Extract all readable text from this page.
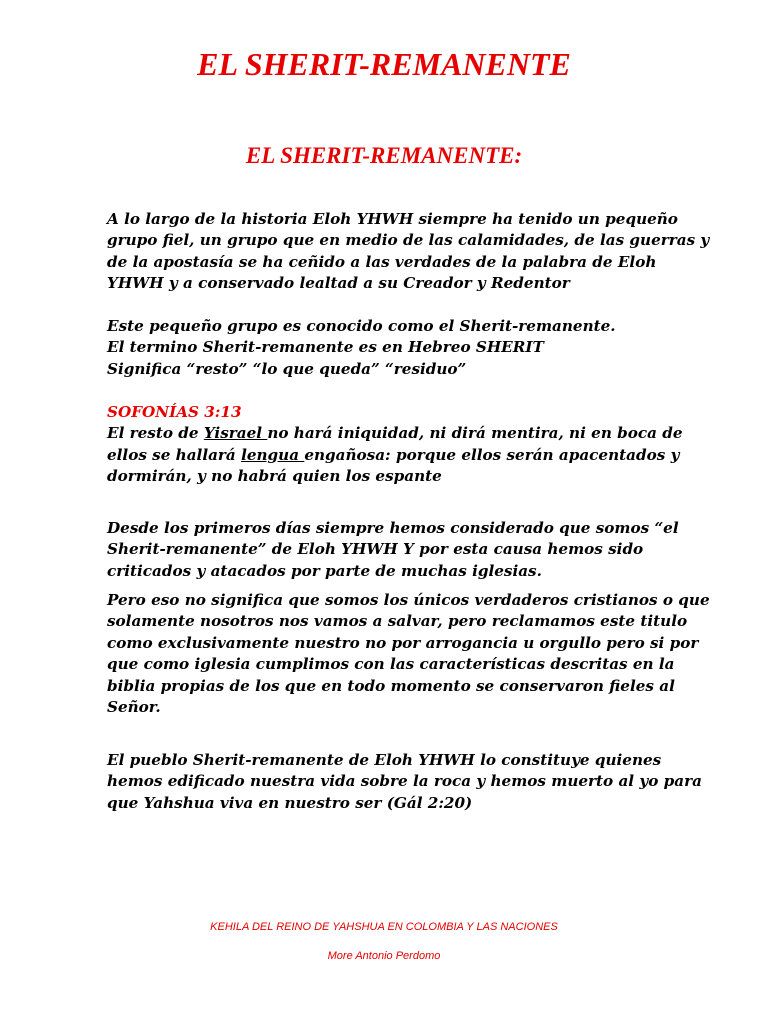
EL SHERIT-REMANENTE
EL SHERIT-REMANENTE:

A lo largo de la historia Eloh YHWH siempre ha tenido un pequeño
grupo fiel, un grupo que en medio de las calamidades, de las guerras y
de la apostasía se ha ceñido a las verdades de la palabra de Eloh
YHWH y a conservado lealtad a su Creador y Redentor

Este pequeño grupo es conocido como el Sherit-remanente.
El termino Sherit-remanente es en Hebreo SHERIT
Significa “resto” “lo que queda” “residuo”

SOFONÍAS 3:13
El resto de Yisrael no hará iniquidad, ni dirá mentira, ni en boca de
ellos se hallará lengua engañosa: porque ellos serán apacentados y
dormirán, y no habrá quien los espante

Desde los primeros días siempre hemos considerado que somos “el
Sherit-remanente” de Eloh YHWH Y por esta causa hemos sido
criticados y atacados por parte de muchas iglesias.

Pero eso no significa que somos los únicos verdaderos cristianos o que
solamente nosotros nos vamos a salvar, pero reclamamos este titulo
como exclusivamente nuestro no por arrogancia u orgullo pero si por
que como iglesia cumplimos con las características descritas en la
biblia propias de los que en todo momento se conservaron fieles al
Señor.

El pueblo Sherit-remanente de Eloh YHWH lo constituye quienes
hemos edificado nuestra vida sobre la roca y hemos muerto al yo para
que Yahshua viva en nuestro ser (Gál 2:20)

KEHILA DEL REINO DE YAHSHUA EN COLOMBIA Y LAS NACIONES

More Antonio Perdomo
